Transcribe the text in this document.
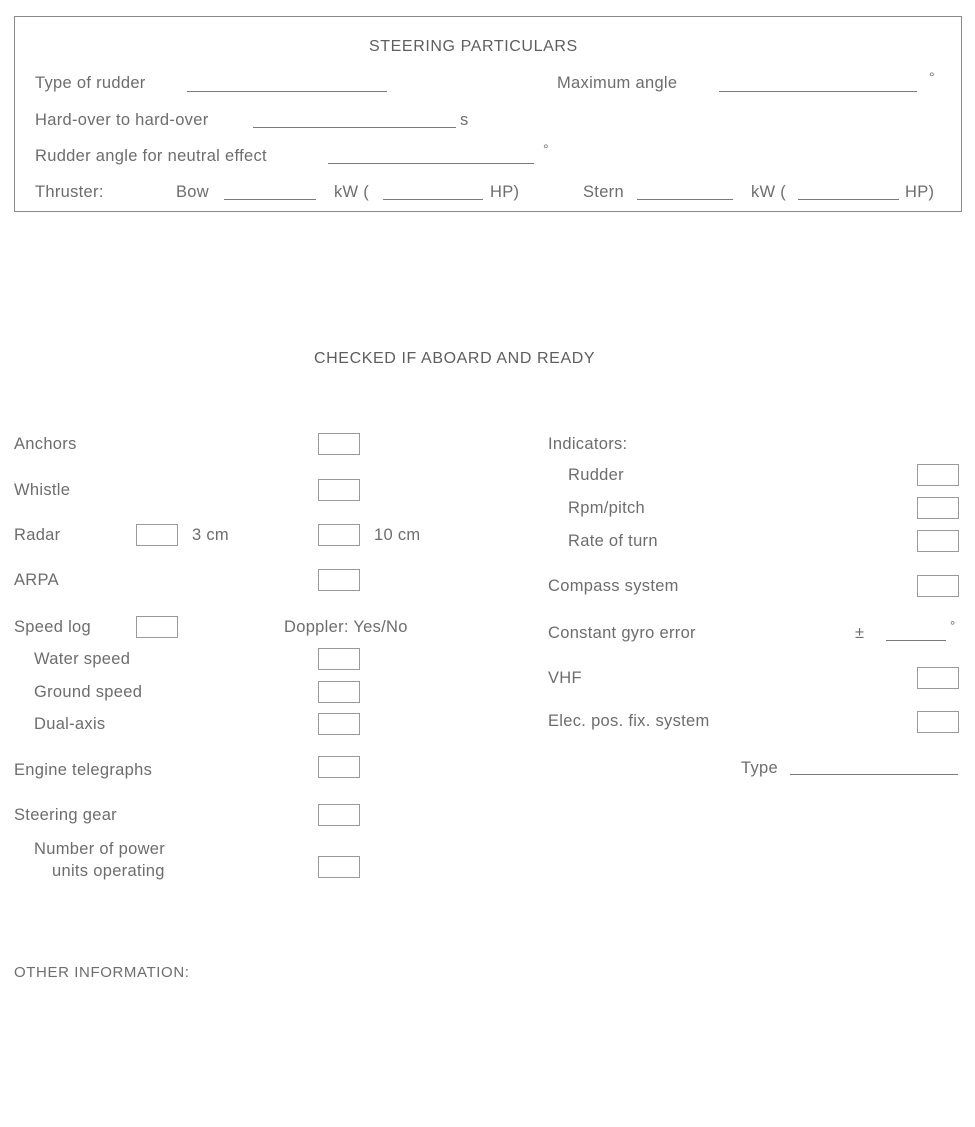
STEERING PARTICULARS
Type of rudder	Maximum angle	°
Hard-over to hard-over	s
Rudder angle for neutral effect	°
Thruster:	Bow	kW (	HP)	Stern	kW (	HP)
CHECKED IF ABOARD AND READY
Anchors
Whistle
Radar	3 cm	10 cm
ARPA
Speed log	Doppler: Yes/No
Water speed
Ground speed
Dual-axis
Engine telegraphs
Steering gear
Number of power
units operating
Indicators:
Rudder
Rpm/pitch
Rate of turn
Compass system
Constant gyro error	±	°
VHF
Elec. pos. fix. system
Type
OTHER INFORMATION:
